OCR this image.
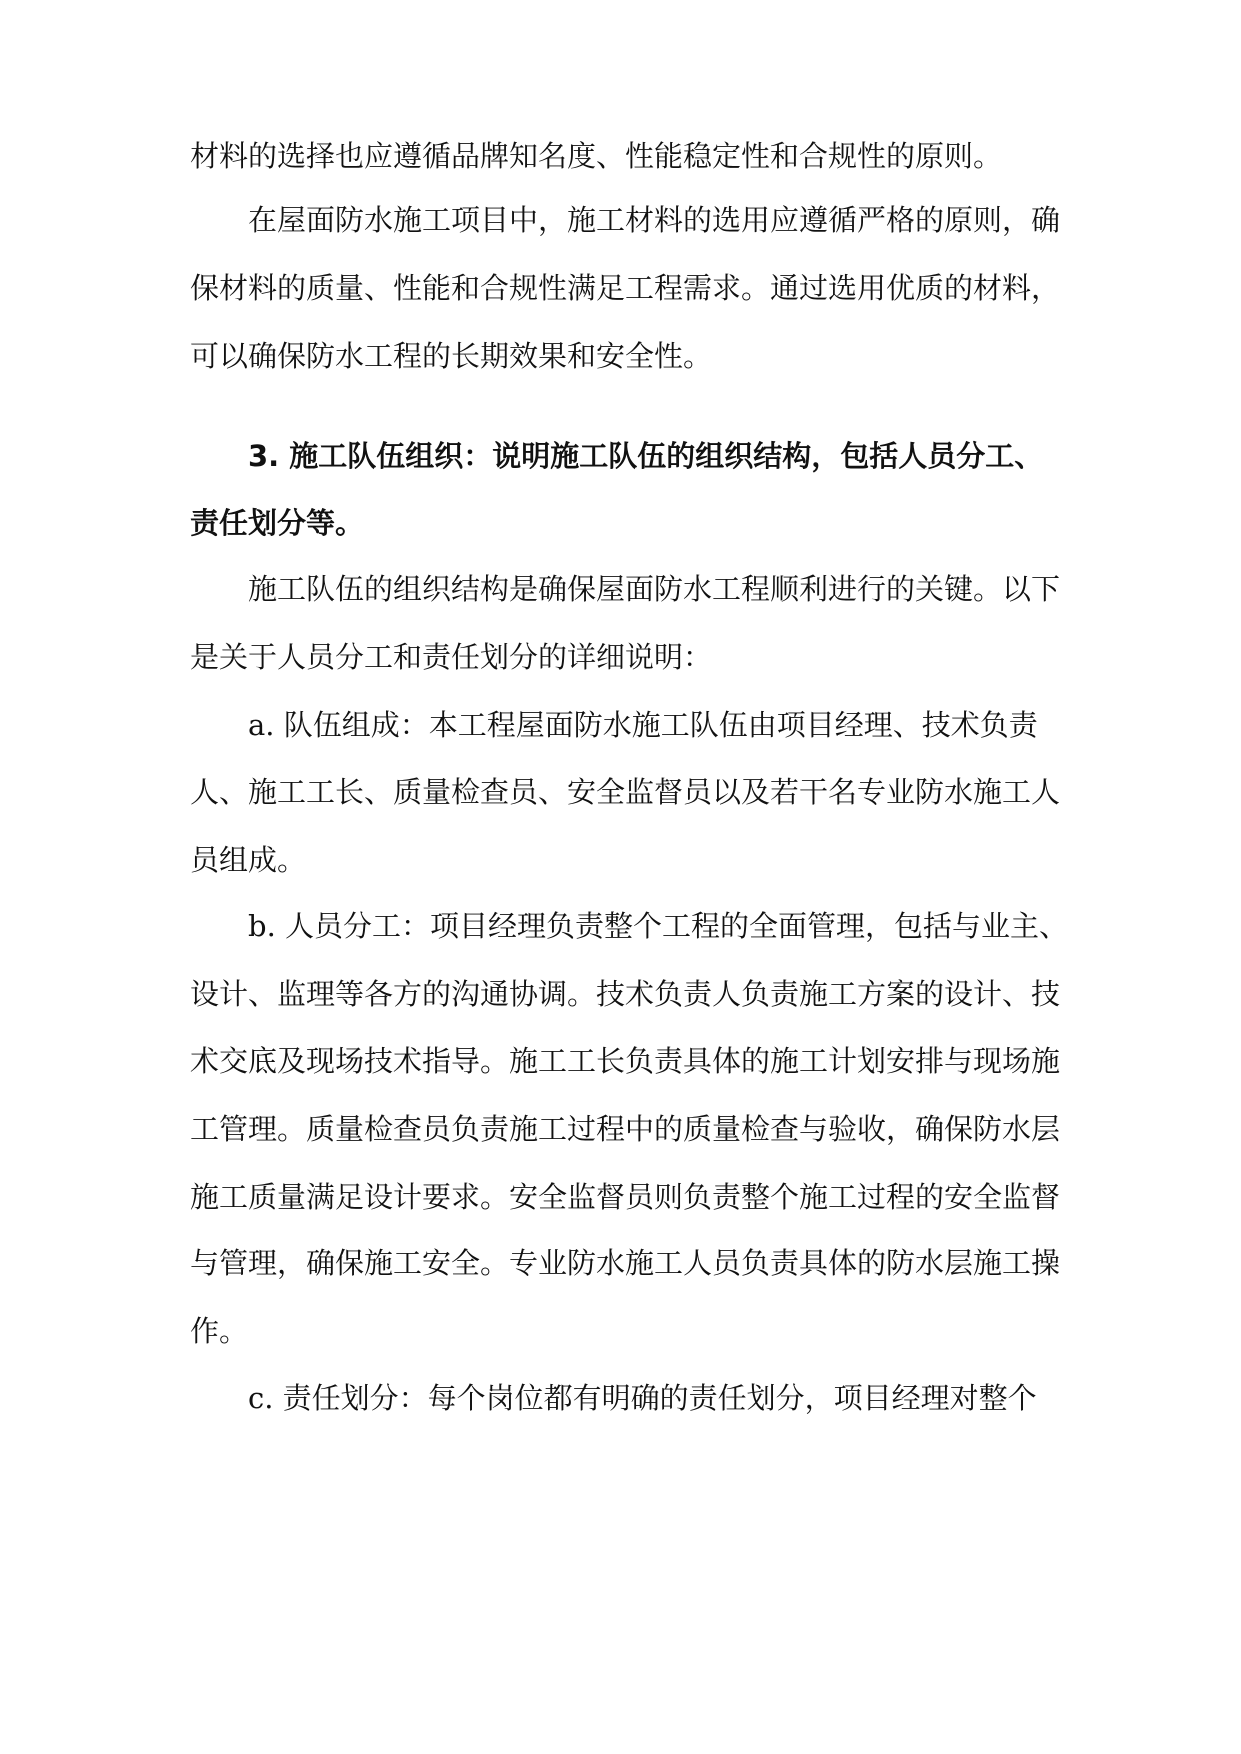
材料的选择也应遵循品牌知名度、性能稳定性和合规性的原则。
在屋面防水施工项目中，施工材料的选用应遵循严格的原则，确
保材料的质量、性能和合规性满足工程需求。通过选用优质的材料，
可以确保防水工程的长期效果和安全性。
3. 施工队伍组织：说明施工队伍的组织结构，包括人员分工、
责任划分等。
施工队伍的组织结构是确保屋面防水工程顺利进行的关键。以下
是关于人员分工和责任划分的详细说明：
a. 队伍组成：本工程屋面防水施工队伍由项目经理、技术负责
人、施工工长、质量检查员、安全监督员以及若干名专业防水施工人
员组成。
b. 人员分工：项目经理负责整个工程的全面管理，包括与业主、
设计、监理等各方的沟通协调。技术负责人负责施工方案的设计、技
术交底及现场技术指导。施工工长负责具体的施工计划安排与现场施
工管理。质量检查员负责施工过程中的质量检查与验收，确保防水层
施工质量满足设计要求。安全监督员则负责整个施工过程的安全监督
与管理，确保施工安全。专业防水施工人员负责具体的防水层施工操
作。
c. 责任划分：每个岗位都有明确的责任划分，项目经理对整个
